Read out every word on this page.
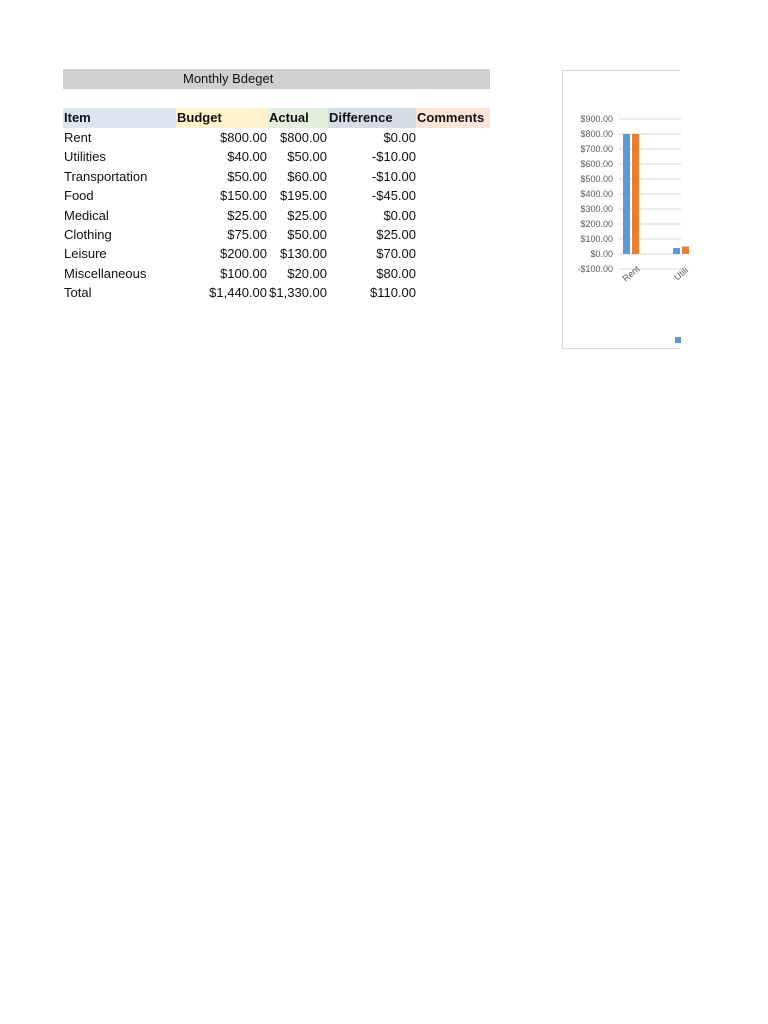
Monthly Bdeget
Item	Budget	Actual	Difference	Comments
Rent	$800.00 $800.00	$0.00
Utilities	$40.00 $50.00	-$10.00
Transportation	$50.00 $60.00	-$10.00
Food	$150.00 $195.00	-$45.00
Medical	$25.00 $25.00	$0.00
Clothing	$75.00 $50.00	$25.00
Leisure	$200.00 $130.00	$70.00
Miscellaneous	$100.00 $20.00	$80.00
Total	$1,440.00 $1,330.00	$110.00
$900.00
$800.00
$700.00
$600.00
$500.00
$400.00
$300.00
$200.00
$100.00
$0.00
-$100.00 Rent	Utili
